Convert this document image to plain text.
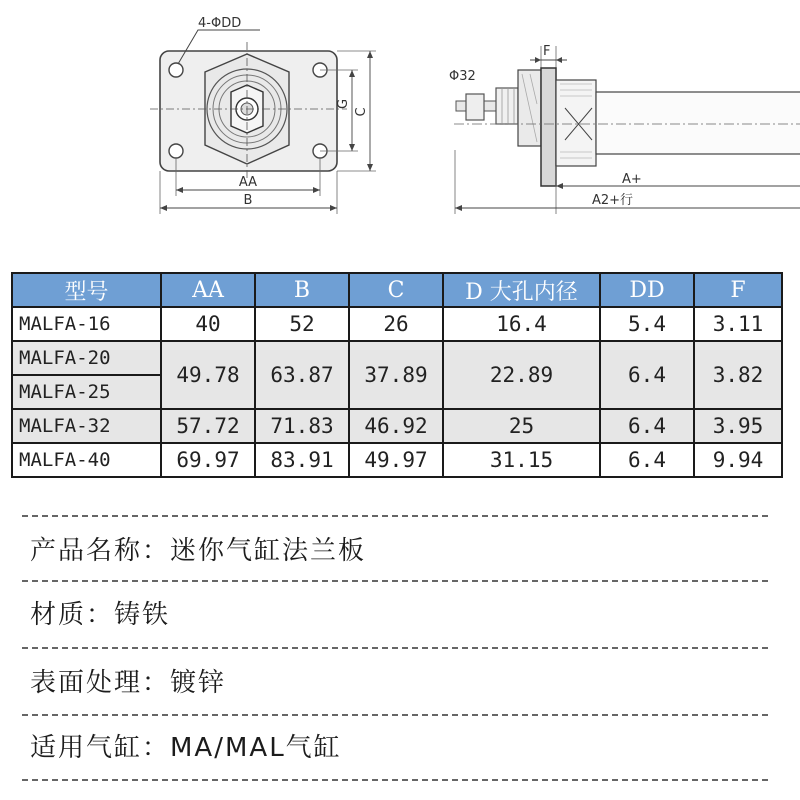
4-ΦDD
AA
B
G
C
F
Φ32
A+
A2+行
型号	AA	B	C	D 大孔内径	DD	F
MALFA-16	40	52	26	16.4	5.4	3.11
MALFA-20	49.78	63.87	37.89	22.89	6.4	3.82
MALFA-25						
MALFA-32	57.72	71.83	46.92	25	6.4	3.95
MALFA-40	69.97	83.91	49.97	31.15	6.4	9.94
产品名称：迷你气缸法兰板
材质：铸铁
表面处理：镀锌
适用气缸：MA/MAL气缸
